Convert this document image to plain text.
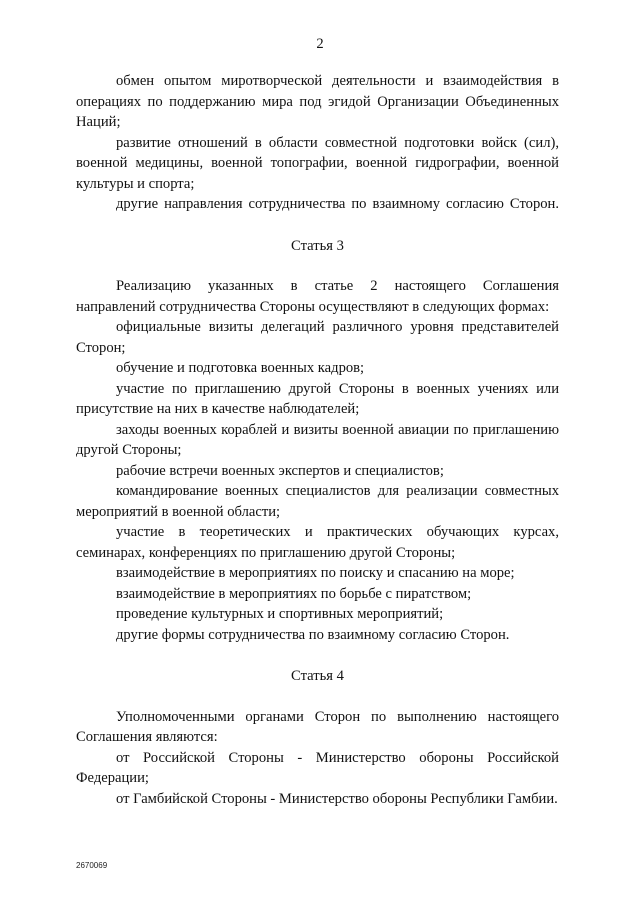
2

обмен опытом миротворческой деятельности и взаимодействия в операциях по поддержанию мира под эгидой Организации Объединенных Наций;

развитие отношений в области совместной подготовки войск (сил), военной медицины, военной топографии, военной гидрографии, военной культуры и спорта;

другие направления сотрудничества по взаимному согласию Сторон.

Статья 3

Реализацию указанных в статье 2 настоящего Соглашения направлений сотрудничества Стороны осуществляют в следующих формах:

официальные визиты делегаций различного уровня представителей Сторон;

обучение и подготовка военных кадров;

участие по приглашению другой Стороны в военных учениях или присутствие на них в качестве наблюдателей;

заходы военных кораблей и визиты военной авиации по приглашению другой Стороны;

рабочие встречи военных экспертов и специалистов;

командирование военных специалистов для реализации совместных мероприятий в военной области;

участие в теоретических и практических обучающих курсах, семинарах, конференциях по приглашению другой Стороны;

взаимодействие в мероприятиях по поиску и спасанию на море;

взаимодействие в мероприятиях по борьбе с пиратством;

проведение культурных и спортивных мероприятий;

другие формы сотрудничества по взаимному согласию Сторон.

Статья 4

Уполномоченными органами Сторон по выполнению настоящего Соглашения являются:

от Российской Стороны - Министерство обороны Российской Федерации;

от Гамбийской Стороны - Министерство обороны Республики Гамбии.

2670069
